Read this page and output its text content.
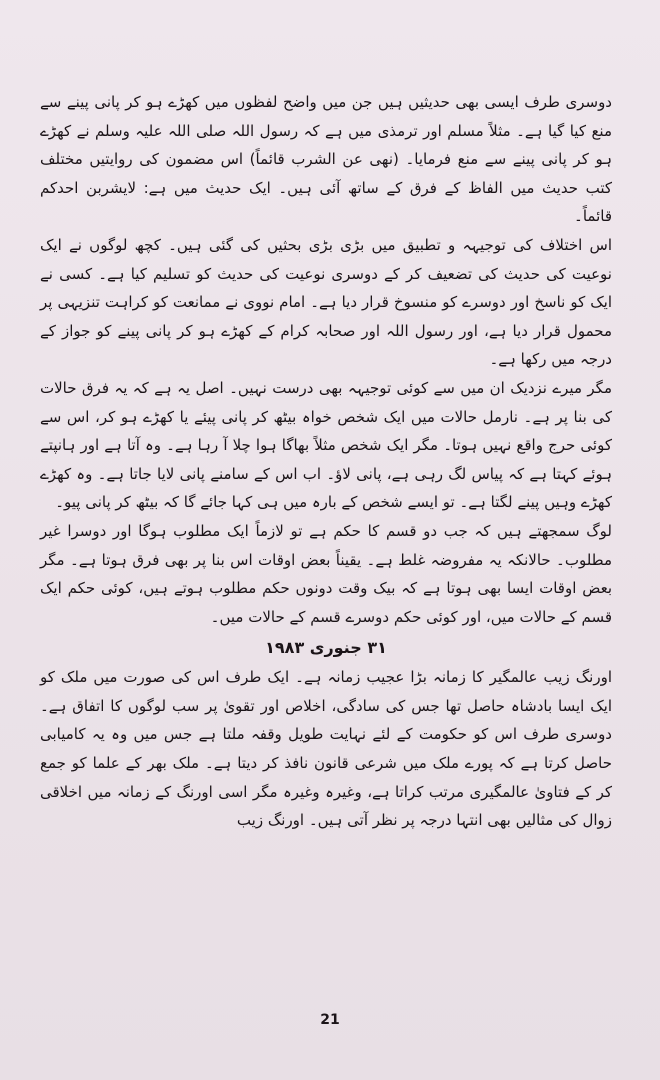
دوسری طرف ایسی بھی حدیثیں ہیں جن میں واضح لفظوں میں کھڑے ہو کر پانی پینے سے منع کیا گیا ہے۔ مثلاً مسلم اور ترمذی میں ہے کہ رسول اللہ صلی اللہ علیہ وسلم نے کھڑے ہو کر پانی پینے سے منع فرمایا۔ (نھی عن الشرب قائماً) اس مضمون کی روایتیں مختلف کتب حدیث میں الفاظ کے فرق کے ساتھ آئی ہیں۔ ایک حدیث میں ہے: لایشربن احدکم قائماً۔

اس اختلاف کی توجیہہ و تطبیق میں بڑی بڑی بحثیں کی گئی ہیں۔ کچھ لوگوں نے ایک نوعیت کی حدیث کی تضعیف کر کے دوسری نوعیت کی حدیث کو تسلیم کیا ہے۔ کسی نے ایک کو ناسخ اور دوسرے کو منسوخ قرار دیا ہے۔ امام نووی نے ممانعت کو کراہت تنزیہی پر محمول قرار دیا ہے، اور رسول اللہ اور صحابہ کرام کے کھڑے ہو کر پانی پینے کو جواز کے درجہ میں رکھا ہے۔

مگر میرے نزدیک ان میں سے کوئی توجیہہ بھی درست نہیں۔ اصل یہ ہے کہ یہ فرق حالات کی بنا پر ہے۔ نارمل حالات میں ایک شخص خواہ بیٹھ کر پانی پیئے یا کھڑے ہو کر، اس سے کوئی حرج واقع نہیں ہوتا۔ مگر ایک شخص مثلاً بھاگا ہوا چلا آ رہا ہے۔ وہ آتا ہے اور ہانپتے ہوئے کہتا ہے کہ پیاس لگ رہی ہے، پانی لاؤ۔ اب اس کے سامنے پانی لایا جاتا ہے۔ وہ کھڑے کھڑے وہیں پینے لگتا ہے۔ تو ایسے شخص کے بارہ میں ہی کہا جائے گا کہ بیٹھ کر پانی پیو۔

لوگ سمجھتے ہیں کہ جب دو قسم کا حکم ہے تو لازماً ایک مطلوب ہوگا اور دوسرا غیر مطلوب۔ حالانکہ یہ مفروضہ غلط ہے۔ یقیناً بعض اوقات اس بنا پر بھی فرق ہوتا ہے۔ مگر بعض اوقات ایسا بھی ہوتا ہے کہ بیک وقت دونوں حکم مطلوب ہوتے ہیں، کوئی حکم ایک قسم کے حالات میں، اور کوئی حکم دوسرے قسم کے حالات میں۔

۳۱ جنوری ۱۹۸۳

اورنگ زیب عالمگیر کا زمانہ بڑا عجیب زمانہ ہے۔ ایک طرف اس کی صورت میں ملک کو ایک ایسا بادشاہ حاصل تھا جس کی سادگی، اخلاص اور تقویٰ پر سب لوگوں کا اتفاق ہے۔ دوسری طرف اس کو حکومت کے لئے نہایت طویل وقفہ ملتا ہے جس میں وہ یہ کامیابی حاصل کرتا ہے کہ پورے ملک میں شرعی قانون نافذ کر دیتا ہے۔ ملک بھر کے علما کو جمع کر کے فتاویٰ عالمگیری مرتب کراتا ہے، وغیرہ وغیرہ مگر اسی اورنگ کے زمانہ میں اخلاقی زوال کی مثالیں بھی انتہا درجہ پر نظر آتی ہیں۔ اورنگ زیب

21
